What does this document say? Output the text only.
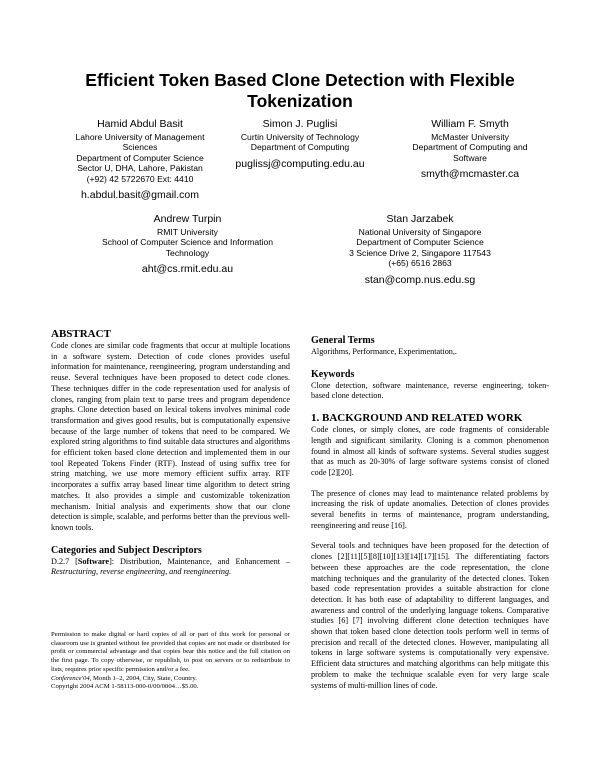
Efficient Token Based Clone Detection with Flexible
Tokenization
Hamid Abdul Basit
Lahore University of Management
Sciences
Department of Computer Science
Sector U, DHA, Lahore, Pakistan
(+92) 42 5722670 Ext: 4410
h.abdul.basit@gmail.com
Simon J. Puglisi
Curtin University of Technology
Department of Computing
puglissj@computing.edu.au
William F. Smyth
McMaster University
Department of Computing and
Software
smyth@mcmaster.ca
Andrew Turpin
RMIT University
School of Computer Science and Information
Technology
aht@cs.rmit.edu.au
Stan Jarzabek
National University of Singapore
Department of Computer Science
3 Science Drive 2, Singapore 117543
(+65) 6516 2863
stan@comp.nus.edu.sg
ABSTRACT

Code clones are similar code fragments that occur at multiple locations in a software system. Detection of code clones provides useful information for maintenance, reengineering, program understanding and reuse. Several techniques have been proposed to detect code clones. These techniques differ in the code representation used for analysis of clones, ranging from plain text to parse trees and program dependence graphs. Clone detection based on lexical tokens involves minimal code transformation and gives good results, but is computationally expensive because of the large number of tokens that need to be compared. We explored string algorithms to find suitable data structures and algorithms for efficient token based clone detection and implemented them in our tool Repeated Tokens Finder (RTF). Instead of using suffix tree for string matching, we use more memory efficient suffix array. RTF incorporates a suffix array based linear time algorithm to detect string matches. It also provides a simple and customizable tokenization mechanism. Initial analysis and experiments show that our clone detection is simple, scalable, and performs better than the previous well-known tools.

Categories and Subject Descriptors

D.2.7 [Software]: Distribution, Maintenance, and Enhancement – Restructuring, reverse engineering, and reengineering.

Permission to make digital or hard copies of all or part of this work for personal or classroom use is granted without fee provided that copies are not made or distributed for profit or commercial advantage and that copies bear this notice and the full citation on the first page. To copy otherwise, or republish, to post on servers or to redistribute to lists, requires prior specific permission and/or a fee.
Conference'04, Month 1–2, 2004, City, State, Country.
Copyright 2004 ACM 1-58113-000-0/00/0004…$5.00.
General Terms

Algorithms, Performance, Experimentation,.

Keywords

Clone detection, software maintenance, reverse engineering, token-based clone detection.

1. BACKGROUND AND RELATED WORK

Code clones, or simply clones, are code fragments of considerable length and significant similarity. Cloning is a common phenomenon found in almost all kinds of software systems. Several studies suggest that as much as 20-30% of large software systems consist of cloned code [2][20].

The presence of clones may lead to maintenance related problems by increasing the risk of update anomalies. Detection of clones provides several benefits in terms of maintenance, program understanding, reengineering and reuse [16].

Several tools and techniques have been proposed for the detection of clones [2][11][5][8][10][13][14][17][15]. The differentiating factors between these approaches are the code representation, the clone matching techniques and the granularity of the detected clones. Token based code representation provides a suitable abstraction for clone detection. It has both ease of adaptability to different languages, and awareness and control of the underlying language tokens. Comparative studies [6] [7] involving different clone detection techniques have shown that token based clone detection tools perform well in terms of precision and recall of the detected clones. However, manipulating all tokens in large software systems is computationally very expensive. Efficient data structures and matching algorithms can help mitigate this problem to make the technique scalable even for very large scale systems of multi-million lines of code.
